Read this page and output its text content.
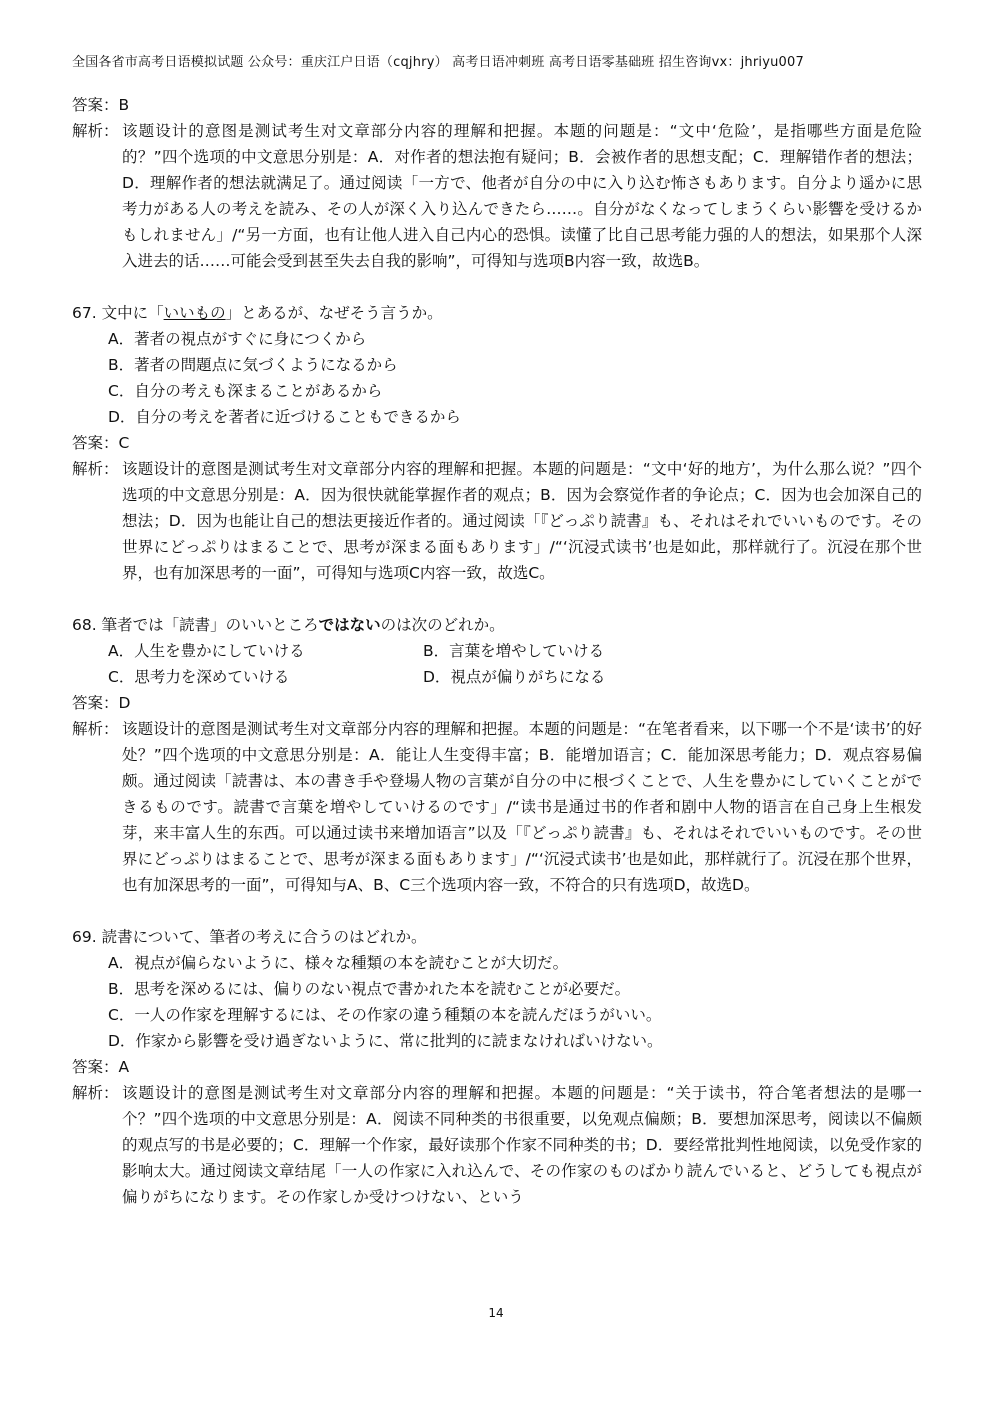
全国各省市高考日语模拟试题 公众号：重庆江户日语（cqjhry） 高考日语冲刺班 高考日语零基础班 招生咨询vx：jhriyu007
答案：B
解析： 该题设计的意图是测试考生对文章部分内容的理解和把握。本题的问题是：“文中‘危险’，是指哪些方面是危险的？”四个选项的中文意思分别是：A．对作者的想法抱有疑问；B．会被作者的思想支配；C．理解错作者的想法；D．理解作者的想法就满足了。通过阅读「一方で、他者が自分の中に入り込む怖さもあります。自分より遥かに思考力がある人の考えを読み、その人が深く入り込んできたら……。自分がなくなってしまうくらい影響を受けるかもしれません」/“另一方面，也有让他人进入自己内心的恐惧。读懂了比自己思考能力强的人的想法，如果那个人深入进去的话……可能会受到甚至失去自我的影响”，可得知与选项B内容一致，故选B。
67. 文中に「いいもの」とあるが、なぜそう言うか。
A．著者の視点がすぐに身につくから
B．著者の問題点に気づくようになるから
C．自分の考えも深まることがあるから
D．自分の考えを著者に近づけることもできるから
答案：C
解析： 该题设计的意图是测试考生对文章部分内容的理解和把握。本题的问题是：“文中‘好的地方’，为什么那么说？”四个选项的中文意思分别是：A．因为很快就能掌握作者的观点；B．因为会察觉作者的争论点；C．因为也会加深自己的想法；D．因为也能让自己的想法更接近作者的。通过阅读「『どっぷり読書』も、それはそれでいいものです。その世界にどっぷりはまることで、思考が深まる面もあります」/“‘沉浸式读书’也是如此，那样就行了。沉浸在那个世界，也有加深思考的一面”，可得知与选项C内容一致，故选C。
68. 筆者では「読書」のいいところではないのは次のどれか。
A．人生を豊かにしていける	B．言葉を増やしていける
C．思考力を深めていける	D．視点が偏りがちになる
答案：D
解析： 该题设计的意图是测试考生对文章部分内容的理解和把握。本题的问题是：“在笔者看来，以下哪一个不是‘读书’的好处？”四个选项的中文意思分别是：A．能让人生变得丰富；B．能增加语言；C．能加深思考能力；D．观点容易偏颇。通过阅读「読書は、本の書き手や登場人物の言葉が自分の中に根づくことで、人生を豊かにしていくことができるものです。読書で言葉を増やしていけるのです」/“读书是通过书的作者和剧中人物的语言在自己身上生根发芽，来丰富人生的东西。可以通过读书来增加语言”以及「『どっぷり読書』も、それはそれでいいものです。その世界にどっぷりはまることで、思考が深まる面もあります」/“‘沉浸式读书’也是如此，那样就行了。沉浸在那个世界，也有加深思考的一面”，可得知与A、B、C三个选项内容一致，不符合的只有选项D，故选D。
69. 読書について、筆者の考えに合うのはどれか。
A．視点が偏らないように、様々な種類の本を読むことが大切だ。
B．思考を深めるには、偏りのない視点で書かれた本を読むことが必要だ。
C．一人の作家を理解するには、その作家の違う種類の本を読んだほうがいい。
D．作家から影響を受け過ぎないように、常に批判的に読まなければいけない。
答案：A
解析： 该题设计的意图是测试考生对文章部分内容的理解和把握。本题的问题是：“关于读书，符合笔者想法的是哪一个？”四个选项的中文意思分别是：A．阅读不同种类的书很重要，以免观点偏颇；B．要想加深思考，阅读以不偏颇的观点写的书是必要的；C．理解一个作家，最好读那个作家不同种类的书；D．要经常批判性地阅读，以免受作家的影响太大。通过阅读文章结尾「一人の作家に入れ込んで、その作家のものばかり読んでいると、どうしても視点が偏りがちになります。その作家しか受けつけない、という
14
